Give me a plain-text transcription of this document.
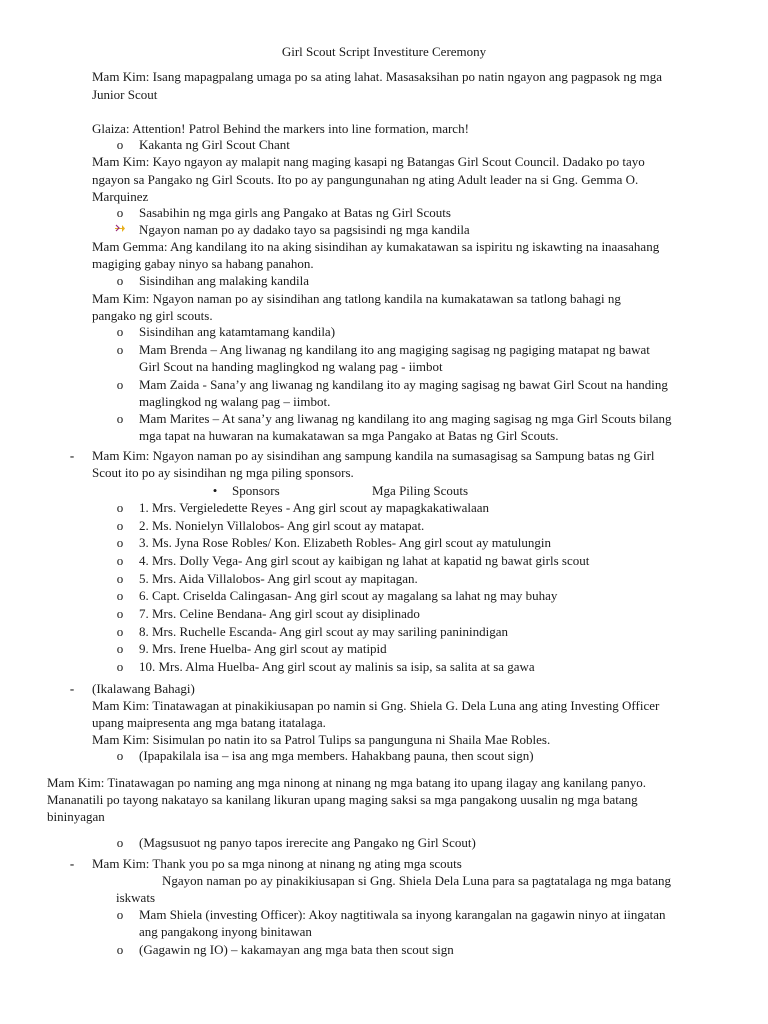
Girl Scout Script Investiture Ceremony
Mam Kim: Isang mapagpalang umaga po sa ating lahat. Masasaksihan po natin ngayon ang pagpasok ng mga
Junior Scout
Glaiza: Attention! Patrol Behind the markers into line formation, march!
o Kakanta ng Girl Scout Chant
Mam Kim: Kayo ngayon ay malapit nang maging kasapi ng Batangas Girl Scout Council. Dadako po tayo
ngayon sa Pangako ng Girl Scouts. Ito po ay pangungunahan ng ating Adult leader na si Gng. Gemma O.
Marquinez
o Sasabihin ng mga girls ang Pangako at Batas ng Girl Scouts
Ngayon naman po ay dadako tayo sa pagsisindi ng mga kandila
Mam Gemma: Ang kandilang ito na aking sisindihan ay kumakatawan sa ispiritu ng iskawting na inaasahang
magiging gabay ninyo sa habang panahon.
o Sisindihan ang malaking kandila
Mam Kim: Ngayon naman po ay sisindihan ang tatlong kandila na kumakatawan sa tatlong bahagi ng
pangako ng girl scouts.
o Sisindihan ang katamtamang kandila)
o Mam Brenda – Ang liwanag ng kandilang ito ang magiging sagisag ng pagiging matapat ng bawat
Girl Scout na handing maglingkod ng walang pag - iimbot
o Mam Zaida - Sana’y ang liwanag ng kandilang ito ay maging sagisag ng bawat Girl Scout na handing
maglingkod ng walang pag – iimbot.
o Mam Marites – At sana’y ang liwanag ng kandilang ito ang maging sagisag ng mga Girl Scouts bilang
mga tapat na huwaran na kumakatawan sa mga Pangako at Batas ng Girl Scouts.
- Mam Kim: Ngayon naman po ay sisindihan ang sampung kandila na sumasagisag sa Sampung batas ng Girl
Scout ito po ay sisindihan ng mga piling sponsors.
• Sponsors	Mga Piling Scouts
o 1. Mrs. Vergieledette Reyes - Ang girl scout ay mapagkakatiwalaan
o 2. Ms. Nonielyn Villalobos- Ang girl scout ay matapat.
o 3. Ms. Jyna Rose Robles/ Kon. Elizabeth Robles- Ang girl scout ay matulungin
o 4. Mrs. Dolly Vega- Ang girl scout ay kaibigan ng lahat at kapatid ng bawat girls scout
o 5. Mrs. Aida Villalobos- Ang girl scout ay mapitagan.
o 6. Capt. Criselda Calingasan- Ang girl scout ay magalang sa lahat ng may buhay
o 7. Mrs. Celine Bendana- Ang girl scout ay disiplinado
o 8. Mrs. Ruchelle Escanda- Ang girl scout ay may sariling paninindigan
o 9. Mrs. Irene Huelba- Ang girl scout ay matipid
o 10. Mrs. Alma Huelba- Ang girl scout ay malinis sa isip, sa salita at sa gawa
- (Ikalawang Bahagi)
Mam Kim: Tinatawagan at pinakikiusapan po namin si Gng. Shiela G. Dela Luna ang ating Investing Officer
upang maipresenta ang mga batang itatalaga.
Mam Kim: Sisimulan po natin ito sa Patrol Tulips sa pangunguna ni Shaila Mae Robles.
o (Ipapakilala isa – isa ang mga members. Hahakbang pauna, then scout sign)
Mam Kim: Tinatawagan po naming ang mga ninong at ninang ng mga batang ito upang ilagay ang kanilang panyo.
Mananatili po tayong nakatayo sa kanilang likuran upang maging saksi sa mga pangakong uusalin ng mga batang
bininyagan
o (Magsusuot ng panyo tapos irerecite ang Pangako ng Girl Scout)
- Mam Kim: Thank you po sa mga ninong at ninang ng ating mga scouts
Ngayon naman po ay pinakikiusapan si Gng. Shiela Dela Luna para sa pagtatalaga ng mga batang
iskwats
o Mam Shiela (investing Officer): Akoy nagtitiwala sa inyong karangalan na gagawin ninyo at iingatan
ang pangakong inyong binitawan
o (Gagawin ng IO) – kakamayan ang mga bata then scout sign
